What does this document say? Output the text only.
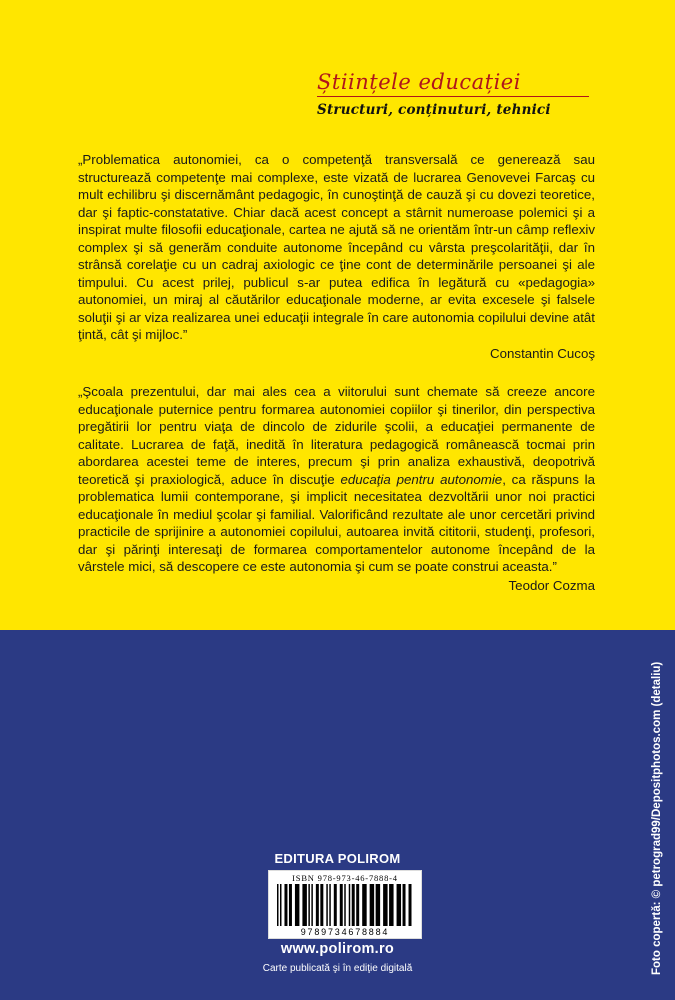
Științele educației
Structuri, conținuturi, tehnici
„Problematica autonomiei, ca o competenţă transversală ce generează sau structurează competenţe mai complexe, este vizată de lucrarea Genovevei Farcaş cu mult echilibru şi discernământ pedagogic, în cunoştinţă de cauză şi cu dovezi teoretice, dar şi faptic-constatative. Chiar dacă acest concept a stârnit numeroase polemici şi a inspirat multe filosofii educaţionale, cartea ne ajută să ne orientăm într-un câmp reflexiv complex şi să generăm conduite autonome începând cu vârsta preşcolarităţii, dar în strânsă corelaţie cu un cadraj axiologic ce ţine cont de determinările persoanei şi ale timpului. Cu acest prilej, publicul s-ar putea edifica în legătură cu «pedagogia» autonomiei, un miraj al căutărilor educaţionale moderne, ar evita excesele şi falsele soluţii şi ar viza realizarea unei educaţii integrale în care autonomia copilului devine atât ţintă, cât şi mijloc.”
Constantin Cucoş
„Şcoala prezentului, dar mai ales cea a viitorului sunt chemate să creeze ancore educaţionale puternice pentru formarea autonomiei copiilor şi tinerilor, din perspectiva pregătirii lor pentru viaţa de dincolo de zidurile şcolii, a educaţiei permanente de calitate. Lucrarea de faţă, inedită în literatura pedagogică românească tocmai prin abordarea acestei teme de interes, precum şi prin analiza exhaustivă, deopotrivă teoretică şi praxiologică, aduce în discuţie educaţia pentru autonomie, ca răspuns la problematica lumii contemporane, şi implicit necesitatea dezvoltării unor noi practici educaţionale în mediul şcolar şi familial. Valorificând rezultate ale unor cercetări privind practicile de sprijinire a autonomiei copilului, autoarea invită cititorii, studenţi, profesori, dar şi părinţi interesaţi de formarea comportamentelor autonome începând de la vârstele mici, să descopere ce este autonomia şi cum se poate construi aceasta.”
Teodor Cozma
EDITURA POLIROM
ISBN 978-973-46-7888-4
9789734678884
www.polirom.ro
Carte publicată şi în ediţie digitală	Foto copertă: © petrograd99/Depositphotos.com (detaliu)
